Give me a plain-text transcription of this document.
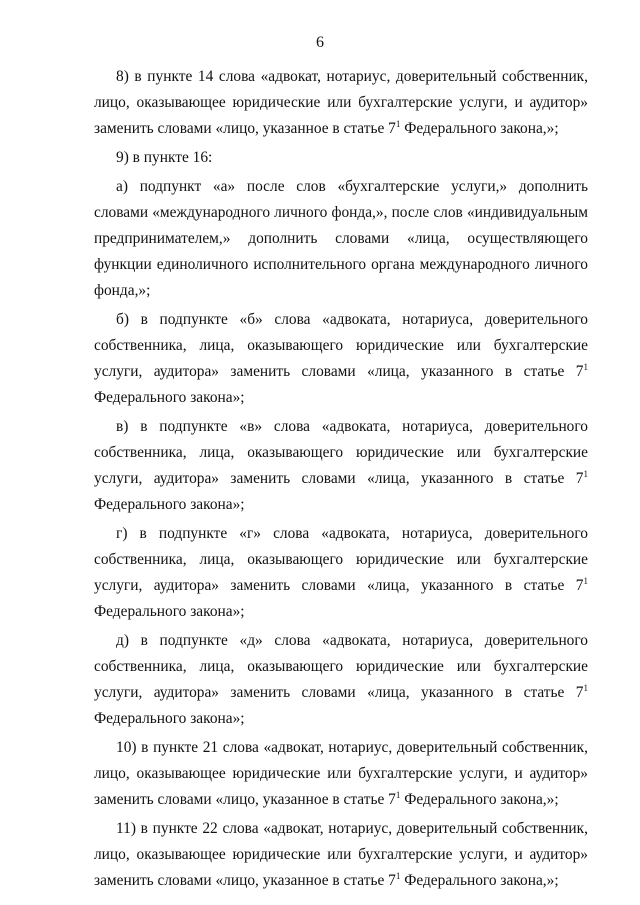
6

8) в пункте 14 слова «адвокат, нотариус, доверительный собственник, лицо, оказывающее юридические или бухгалтерские услуги, и аудитор» заменить словами «лицо, указанное в статье $7^1$ Федерального закона,»;

9) в пункте 16:

а) подпункт «а» после слов «бухгалтерские услуги,» дополнить словами «международного личного фонда,», после слов «индивидуальным предпринимателем,» дополнить словами «лица, осуществляющего функции единоличного исполнительного органа международного личного фонда,»;

б) в подпункте «б» слова «адвоката, нотариуса, доверительного собственника, лица, оказывающего юридические или бухгалтерские услуги, аудитора» заменить словами «лица, указанного в статье $7^1$ Федерального закона»;

в) в подпункте «в» слова «адвоката, нотариуса, доверительного собственника, лица, оказывающего юридические или бухгалтерские услуги, аудитора» заменить словами «лица, указанного в статье $7^1$ Федерального закона»;

г) в подпункте «г» слова «адвоката, нотариуса, доверительного собственника, лица, оказывающего юридические или бухгалтерские услуги, аудитора» заменить словами «лица, указанного в статье $7^1$ Федерального закона»;

д) в подпункте «д» слова «адвоката, нотариуса, доверительного собственника, лица, оказывающего юридические или бухгалтерские услуги, аудитора» заменить словами «лица, указанного в статье $7^1$ Федерального закона»;

10) в пункте 21 слова «адвокат, нотариус, доверительный собственник, лицо, оказывающее юридические или бухгалтерские услуги, и аудитор» заменить словами «лицо, указанное в статье $7^1$ Федерального закона,»;

11) в пункте 22 слова «адвокат, нотариус, доверительный собственник, лицо, оказывающее юридические или бухгалтерские услуги, и аудитор» заменить словами «лицо, указанное в статье $7^1$ Федерального закона,»;
